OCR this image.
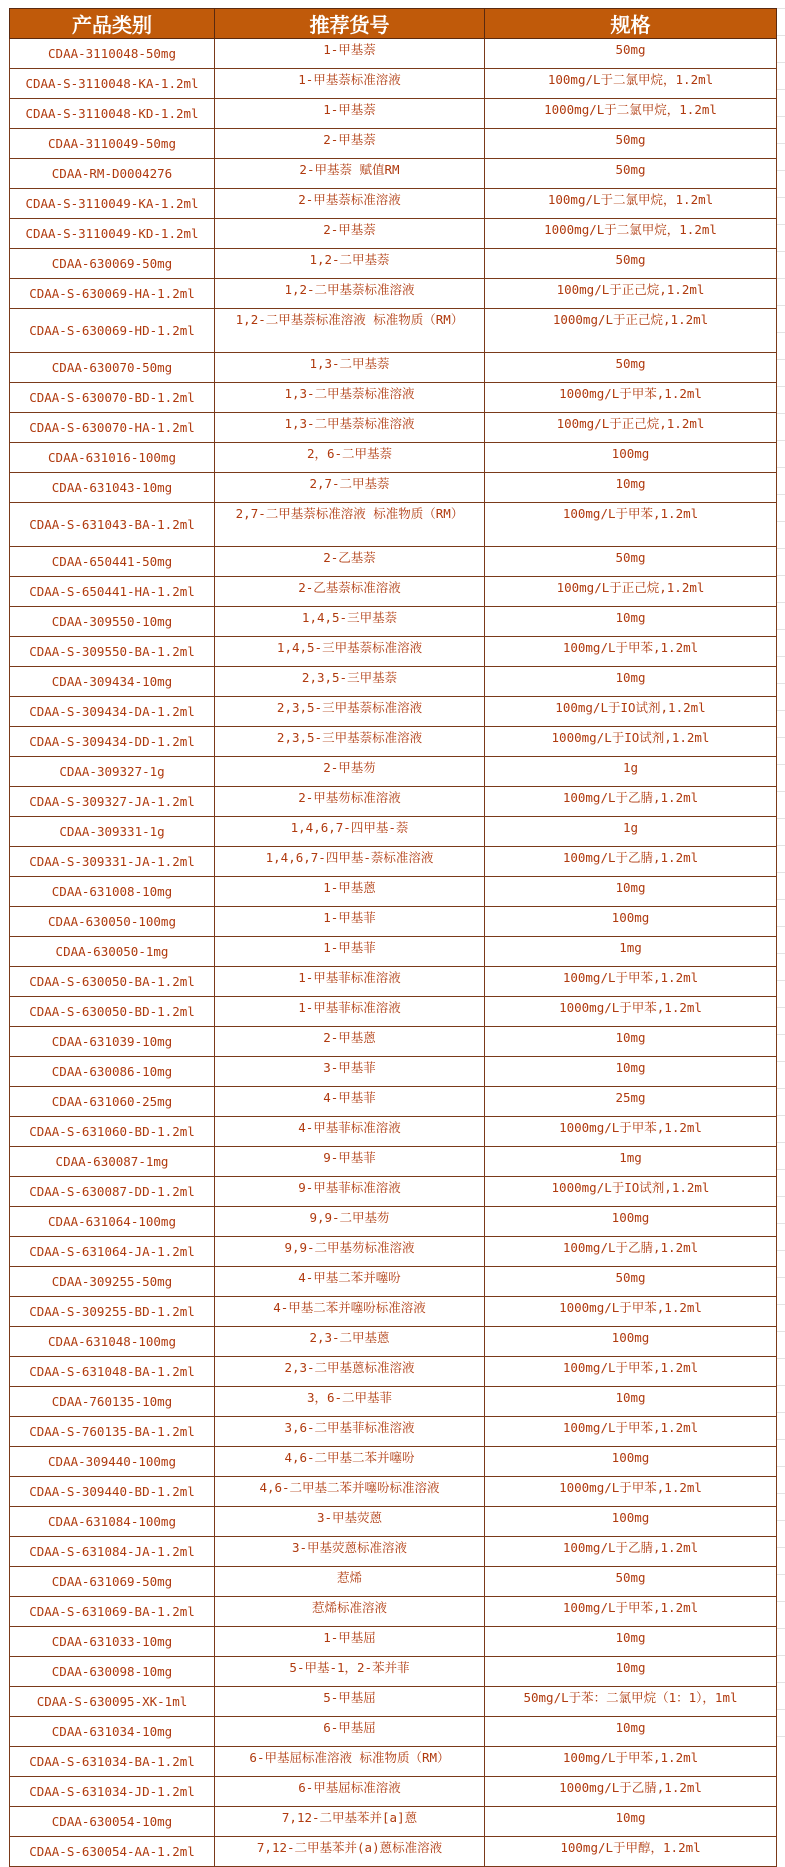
产品类别	推荐货号	规格
CDAA-3110048-50mg	1-甲基萘	50mg
CDAA-S-3110048-KA-1.2ml	1-甲基萘标准溶液	100mg/L于二氯甲烷，1.2ml
CDAA-S-3110048-KD-1.2ml	1-甲基萘	1000mg/L于二氯甲烷，1.2ml
CDAA-3110049-50mg	2-甲基萘	50mg
CDAA-RM-D0004276	2-甲基萘 赋值RM	50mg
CDAA-S-3110049-KA-1.2ml	2-甲基萘标准溶液	100mg/L于二氯甲烷，1.2ml
CDAA-S-3110049-KD-1.2ml	2-甲基萘	1000mg/L于二氯甲烷，1.2ml
CDAA-630069-50mg	1,2-二甲基萘	50mg
CDAA-S-630069-HA-1.2ml	1,2-二甲基萘标准溶液	100mg/L于正己烷,1.2ml
CDAA-S-630069-HD-1.2ml	1,2-二甲基萘标准溶液 标准物质（RM）	1000mg/L于正己烷,1.2ml
CDAA-630070-50mg	1,3-二甲基萘	50mg
CDAA-S-630070-BD-1.2ml	1,3-二甲基萘标准溶液	1000mg/L于甲苯,1.2ml
CDAA-S-630070-HA-1.2ml	1,3-二甲基萘标准溶液	100mg/L于正己烷,1.2ml
CDAA-631016-100mg	2，6-二甲基萘	100mg
CDAA-631043-10mg	2,7-二甲基萘	10mg
CDAA-S-631043-BA-1.2ml	2,7-二甲基萘标准溶液 标准物质（RM）	100mg/L于甲苯,1.2ml
CDAA-650441-50mg	2-乙基萘	50mg
CDAA-S-650441-HA-1.2ml	2-乙基萘标准溶液	100mg/L于正己烷,1.2ml
CDAA-309550-10mg	1,4,5-三甲基萘	10mg
CDAA-S-309550-BA-1.2ml	1,4,5-三甲基萘标准溶液	100mg/L于甲苯,1.2ml
CDAA-309434-10mg	2,3,5-三甲基萘	10mg
CDAA-S-309434-DA-1.2ml	2,3,5-三甲基萘标准溶液	100mg/L于IO试剂,1.2ml
CDAA-S-309434-DD-1.2ml	2,3,5-三甲基萘标准溶液	1000mg/L于IO试剂,1.2ml
CDAA-309327-1g	2-甲基芴	1g
CDAA-S-309327-JA-1.2ml	2-甲基芴标准溶液	100mg/L于乙腈,1.2ml
CDAA-309331-1g	1,4,6,7-四甲基-萘	1g
CDAA-S-309331-JA-1.2ml	1,4,6,7-四甲基-萘标准溶液	100mg/L于乙腈,1.2ml
CDAA-631008-10mg	1-甲基蒽	10mg
CDAA-630050-100mg	1-甲基菲	100mg
CDAA-630050-1mg	1-甲基菲	1mg
CDAA-S-630050-BA-1.2ml	1-甲基菲标准溶液	100mg/L于甲苯,1.2ml
CDAA-S-630050-BD-1.2ml	1-甲基菲标准溶液	1000mg/L于甲苯,1.2ml
CDAA-631039-10mg	2-甲基蒽	10mg
CDAA-630086-10mg	3-甲基菲	10mg
CDAA-631060-25mg	4-甲基菲	25mg
CDAA-S-631060-BD-1.2ml	4-甲基菲标准溶液	1000mg/L于甲苯,1.2ml
CDAA-630087-1mg	9-甲基菲	1mg
CDAA-S-630087-DD-1.2ml	9-甲基菲标准溶液	1000mg/L于IO试剂,1.2ml
CDAA-631064-100mg	9,9-二甲基芴	100mg
CDAA-S-631064-JA-1.2ml	9,9-二甲基芴标准溶液	100mg/L于乙腈,1.2ml
CDAA-309255-50mg	4-甲基二苯并噻吩	50mg
CDAA-S-309255-BD-1.2ml	4-甲基二苯并噻吩标准溶液	1000mg/L于甲苯,1.2ml
CDAA-631048-100mg	2,3-二甲基蒽	100mg
CDAA-S-631048-BA-1.2ml	2,3-二甲基蒽标准溶液	100mg/L于甲苯,1.2ml
CDAA-760135-10mg	3，6-二甲基菲	10mg
CDAA-S-760135-BA-1.2ml	3,6-二甲基菲标准溶液	100mg/L于甲苯,1.2ml
CDAA-309440-100mg	4,6-二甲基二苯并噻吩	100mg
CDAA-S-309440-BD-1.2ml	4,6-二甲基二苯并噻吩标准溶液	1000mg/L于甲苯,1.2ml
CDAA-631084-100mg	3-甲基荧蒽	100mg
CDAA-S-631084-JA-1.2ml	3-甲基荧蒽标准溶液	100mg/L于乙腈,1.2ml
CDAA-631069-50mg	惹烯	50mg
CDAA-S-631069-BA-1.2ml	惹烯标准溶液	100mg/L于甲苯,1.2ml
CDAA-631033-10mg	1-甲基屈	10mg
CDAA-630098-10mg	5-甲基-1，2-苯并菲	10mg
CDAA-S-630095-XK-1ml	5-甲基屈	50mg/L于苯：二氯甲烷（1：1），1ml
CDAA-631034-10mg	6-甲基屈	10mg
CDAA-S-631034-BA-1.2ml	6-甲基屈标准溶液 标准物质（RM）	100mg/L于甲苯,1.2ml
CDAA-S-631034-JD-1.2ml	6-甲基屈标准溶液	1000mg/L于乙腈,1.2ml
CDAA-630054-10mg	7,12-二甲基苯并[a]蒽	10mg
CDAA-S-630054-AA-1.2ml	7,12-二甲基苯并(a)蒽标准溶液	100mg/L于甲醇，1.2ml
